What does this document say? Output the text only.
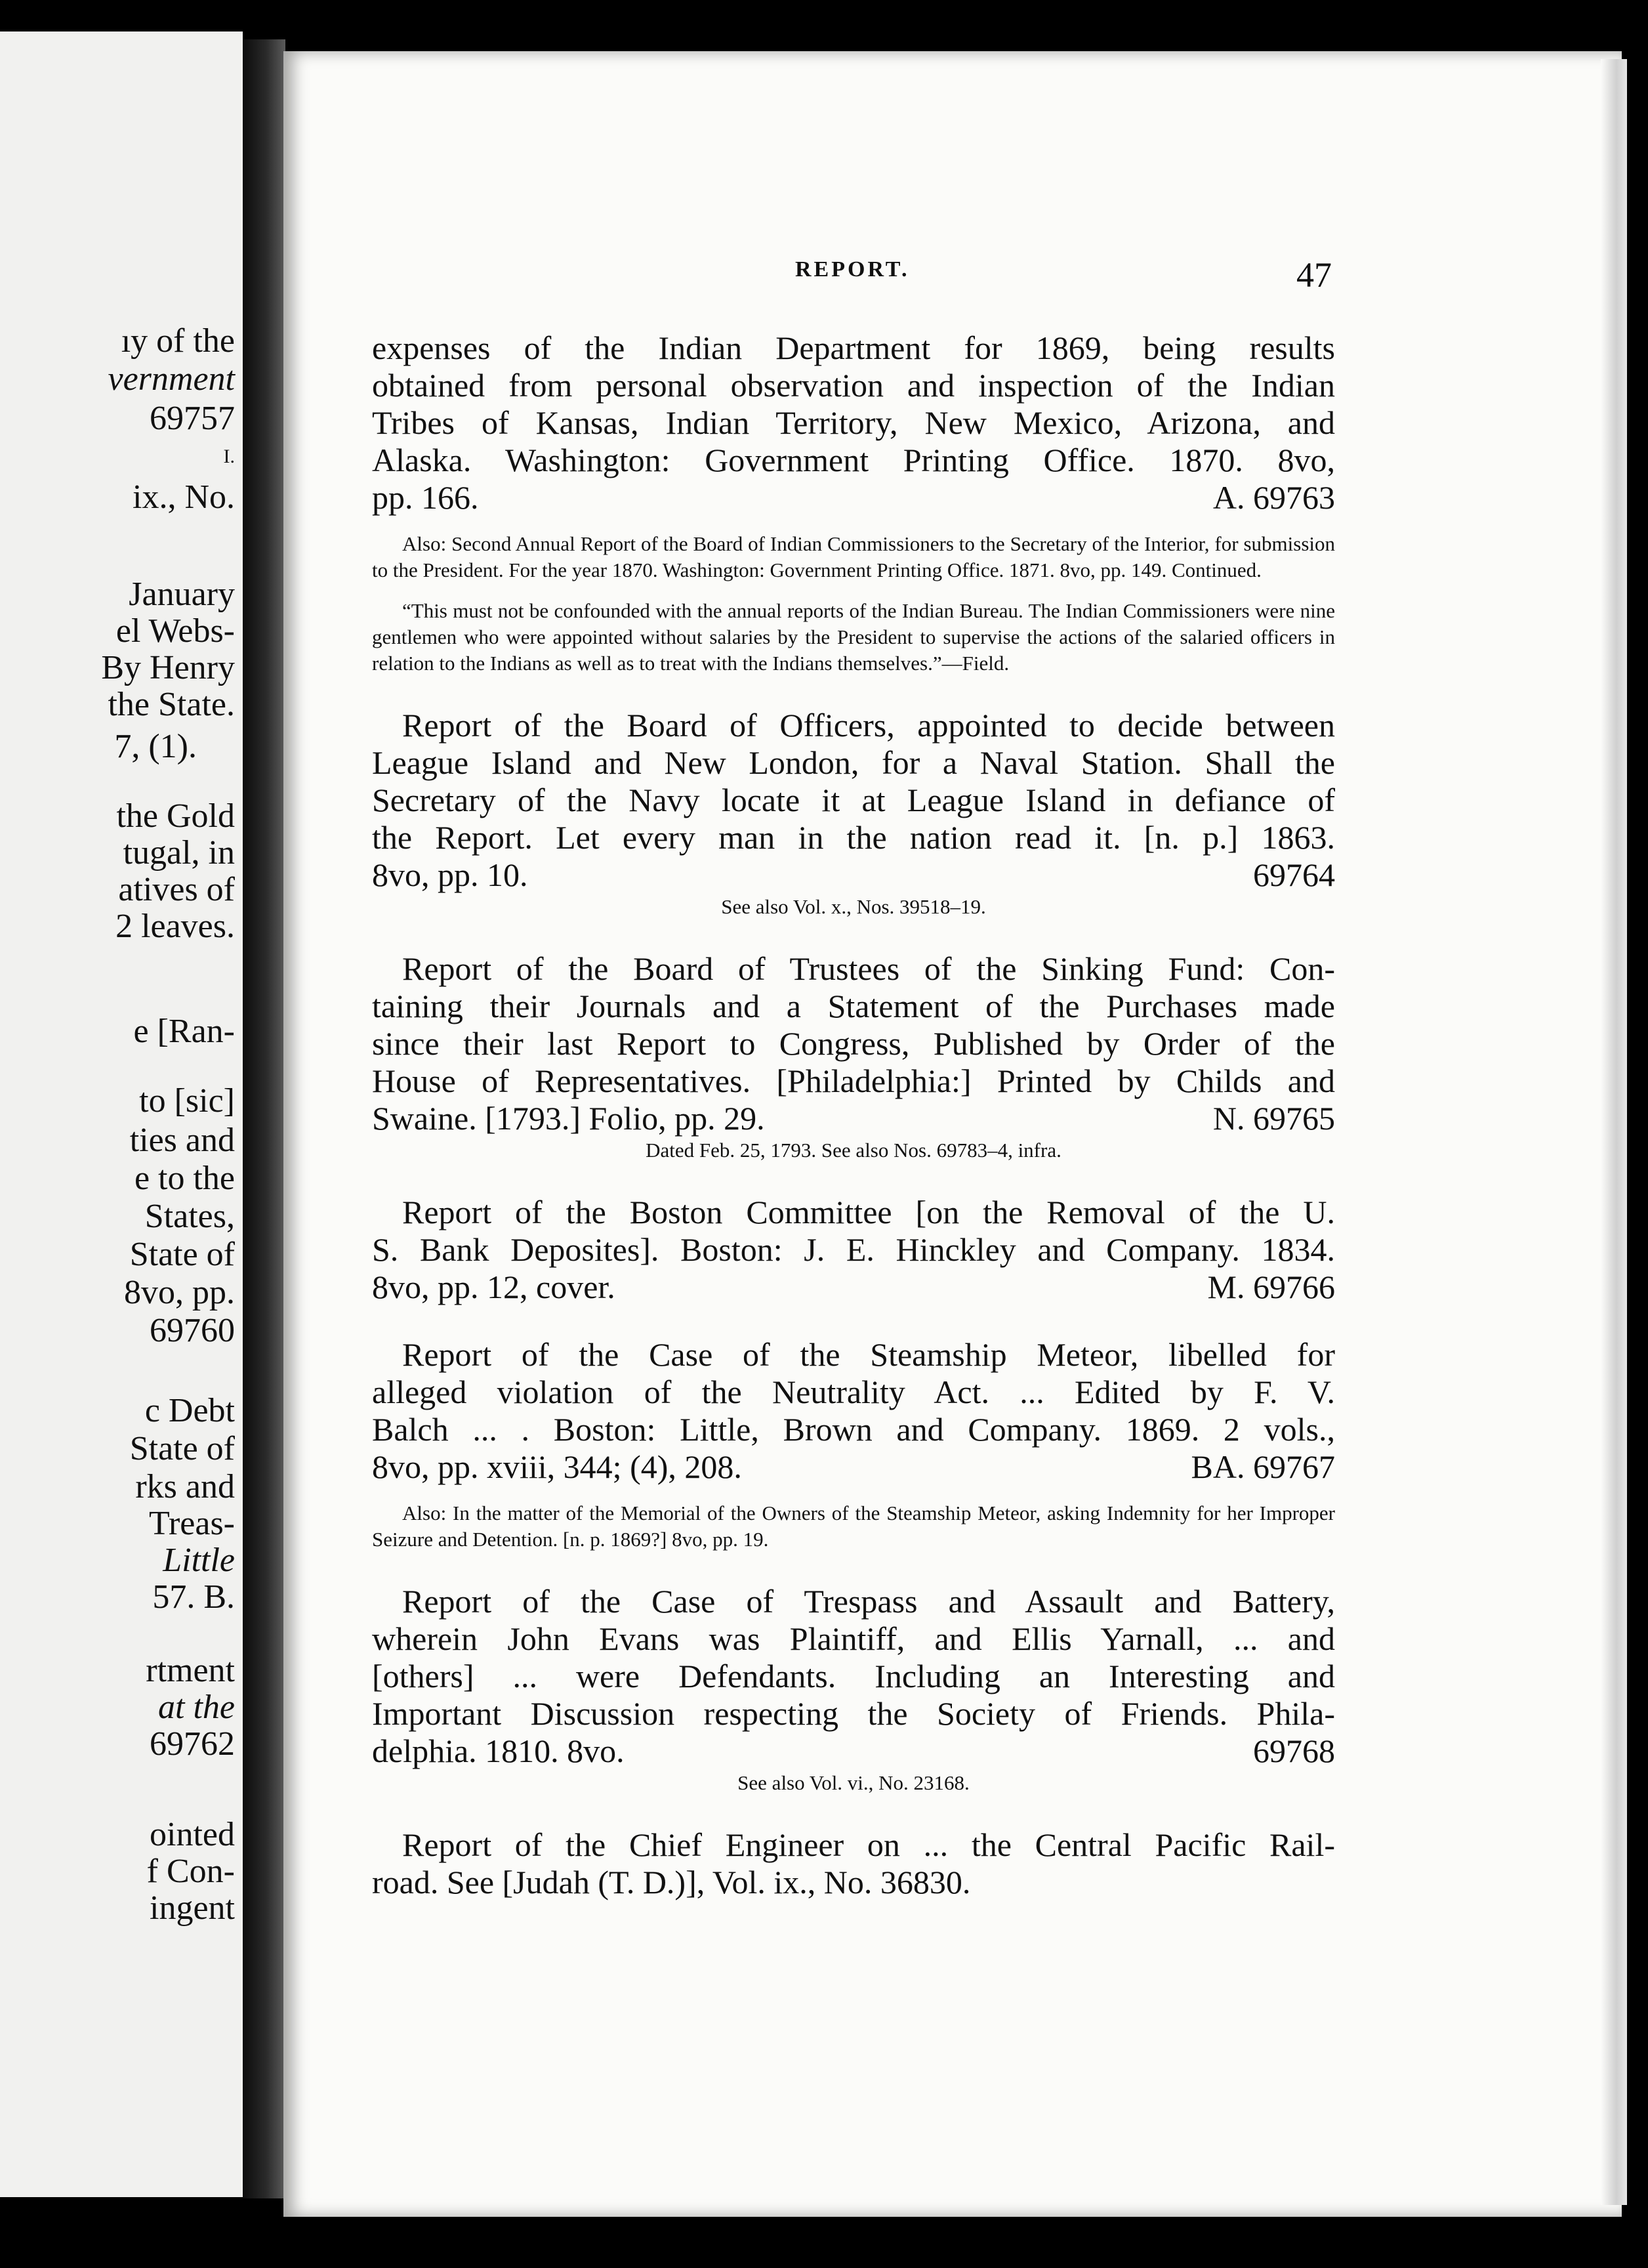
ıy of the
vernment
69757
I.
ix., No.
January
el Webs-
By Henry
the State.
7, (1).
the Gold
tugal, in
atives of
2 leaves.
e [Ran-
to [sic]
ties and
e to the
States,
State of
8vo, pp.
69760
c Debt
State of
rks and
Treas-
Little
57. B.
rtment
at the
69762
ointed
f Con-
ingent
REPORT.	47

expenses of the Indian Department for 1869, being results

obtained from personal observation and inspection of the Indian

Tribes of Kansas, Indian Territory, New Mexico, Arizona, and

Alaska. Washington: Government Printing Office. 1870. 8vo,

pp. 166.	A. 69763

Also: Second Annual Report of the Board of Indian Commissioners to the Secretary of the Interior, for submission to the President. For the year 1870. Washington: Government Printing Office. 1871. 8vo, pp. 149. Continued.

“This must not be confounded with the annual reports of the Indian Bureau. The Indian Commissioners were nine gentlemen who were appointed without salaries by the President to supervise the actions of the salaried officers in relation to the Indians as well as to treat with the Indians themselves.”—Field.

Report of the Board of Officers, appointed to decide between

League Island and New London, for a Naval Station. Shall the

Secretary of the Navy locate it at League Island in defiance of

the Report. Let every man in the nation read it. [n. p.] 1863.

8vo, pp. 10.	69764

See also Vol. x., Nos. 39518–19.

Report of the Board of Trustees of the Sinking Fund: Con-

taining their Journals and a Statement of the Purchases made

since their last Report to Congress, Published by Order of the

House of Representatives. [Philadelphia:] Printed by Childs and

Swaine. [1793.] Folio, pp. 29.	N. 69765

Dated Feb. 25, 1793. See also Nos. 69783–4, infra.

Report of the Boston Committee [on the Removal of the U.

S. Bank Deposites]. Boston: J. E. Hinckley and Company. 1834.

8vo, pp. 12, cover.	M. 69766

Report of the Case of the Steamship Meteor, libelled for

alleged violation of the Neutrality Act. ... Edited by F. V.

Balch ... . Boston: Little, Brown and Company. 1869. 2 vols.,

8vo, pp. xviii, 344; (4), 208.	BA. 69767

Also: In the matter of the Memorial of the Owners of the Steamship Meteor, asking Indemnity for her Improper Seizure and Detention. [n. p. 1869?] 8vo, pp. 19.

Report of the Case of Trespass and Assault and Battery,

wherein John Evans was Plaintiff, and Ellis Yarnall, ... and

[others] ... were Defendants. Including an Interesting and

Important Discussion respecting the Society of Friends. Phila-

delphia. 1810. 8vo.	69768

See also Vol. vi., No. 23168.

Report of the Chief Engineer on ... the Central Pacific Rail-

road. See [Judah (T. D.)], Vol. ix., No. 36830.
